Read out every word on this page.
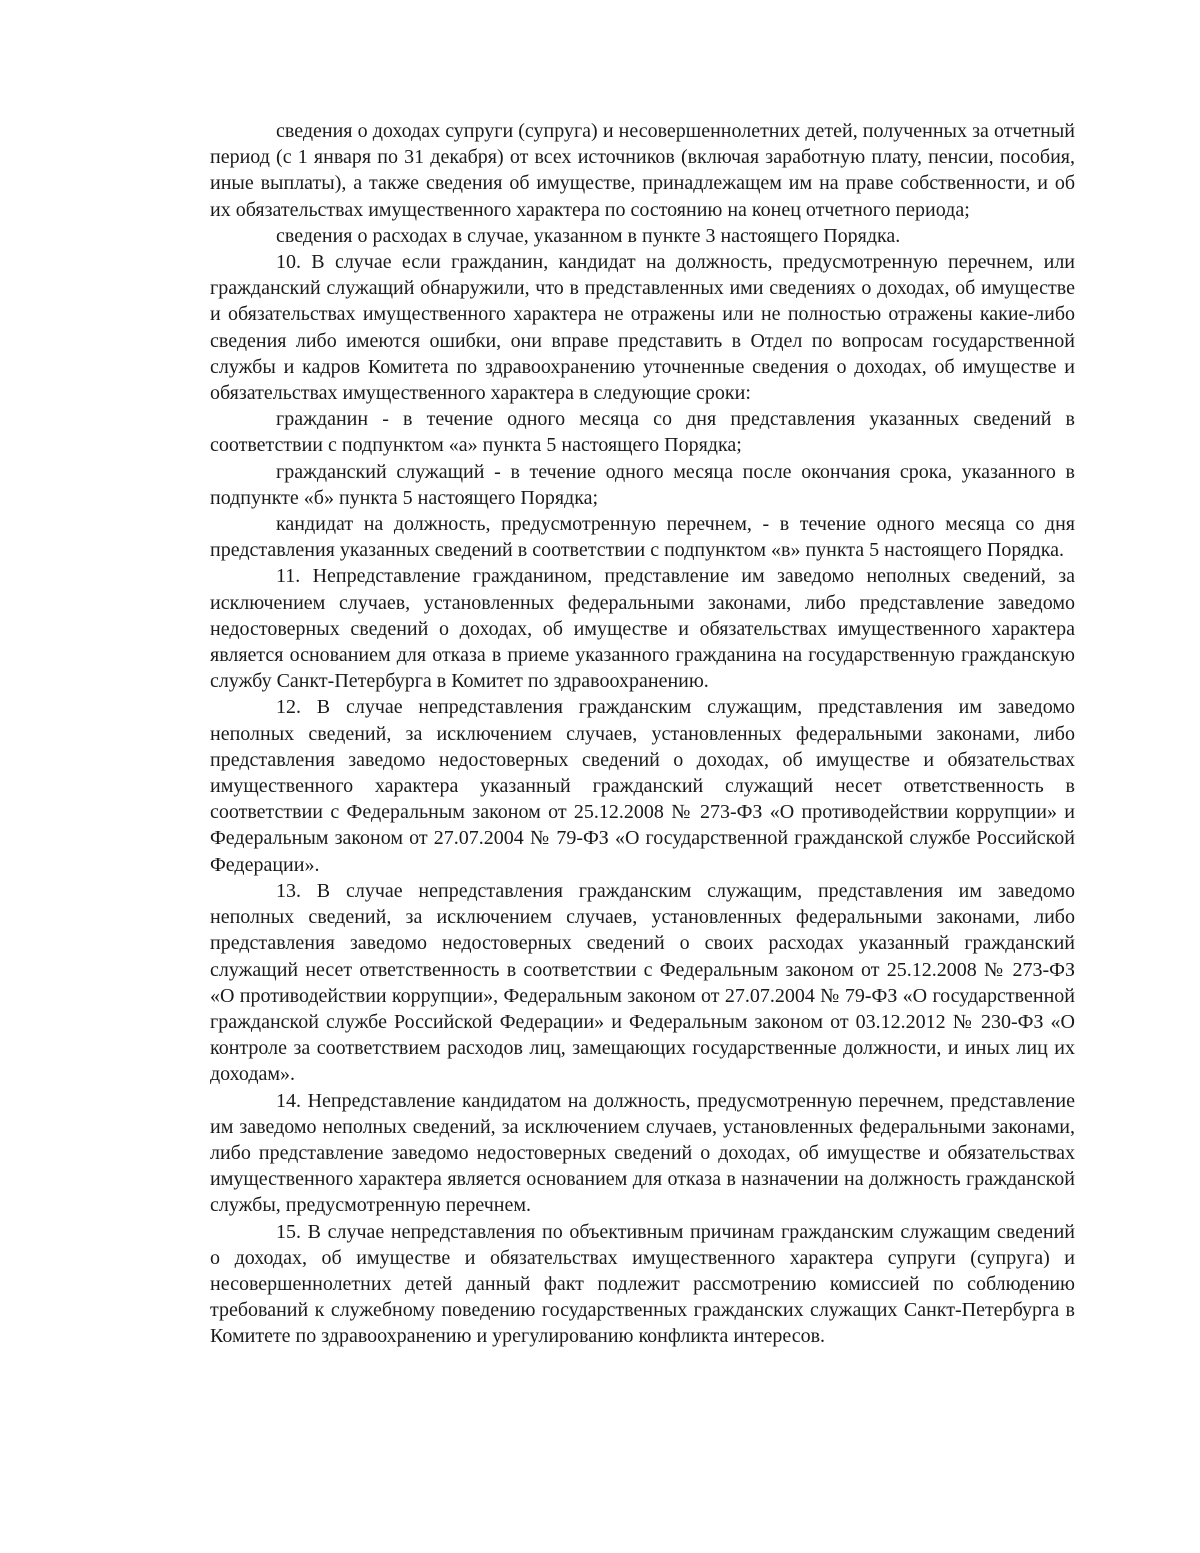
сведения о доходах супруги (супруга) и несовершеннолетних детей, полученных за отчетный период (с 1 января по 31 декабря) от всех источников (включая заработную плату, пенсии, пособия, иные выплаты), а также сведения об имуществе, принадлежащем им на праве собственности, и об их обязательствах имущественного характера по состоянию на конец отчетного периода;

сведения о расходах в случае, указанном в пункте 3 настоящего Порядка.

10. В случае если гражданин, кандидат на должность, предусмотренную перечнем, или гражданский служащий обнаружили, что в представленных ими сведениях о доходах, об имуществе и обязательствах имущественного характера не отражены или не полностью отражены какие-либо сведения либо имеются ошибки, они вправе представить в Отдел по вопросам государственной службы и кадров Комитета по здравоохранению уточненные сведения о доходах, об имуществе и обязательствах имущественного характера в следующие сроки:

гражданин - в течение одного месяца со дня представления указанных сведений в соответствии с подпунктом «а» пункта 5 настоящего Порядка;

гражданский служащий - в течение одного месяца после окончания срока, указанного в подпункте «б» пункта 5 настоящего Порядка;

кандидат на должность, предусмотренную перечнем, - в течение одного месяца со дня представления указанных сведений в соответствии с подпунктом «в» пункта 5 настоящего Порядка.

11. Непредставление гражданином, представление им заведомо неполных сведений, за исключением случаев, установленных федеральными законами, либо представление заведомо недостоверных сведений о доходах, об имуществе и обязательствах имущественного характера является основанием для отказа в приеме указанного гражданина на государственную гражданскую службу Санкт-Петербурга в Комитет по здравоохранению.

12. В случае непредставления гражданским служащим, представления им заведомо неполных сведений, за исключением случаев, установленных федеральными законами, либо представления заведомо недостоверных сведений о доходах, об имуществе и обязательствах имущественного характера указанный гражданский служащий несет ответственность в соответствии с Федеральным законом от 25.12.2008 № 273-ФЗ «О противодействии коррупции» и Федеральным законом от 27.07.2004 № 79-ФЗ «О государственной гражданской службе Российской Федерации».

13. В случае непредставления гражданским служащим, представления им заведомо неполных сведений, за исключением случаев, установленных федеральными законами, либо представления заведомо недостоверных сведений о своих расходах указанный гражданский служащий несет ответственность в соответствии с Федеральным законом от 25.12.2008 № 273-ФЗ «О противодействии коррупции», Федеральным законом от 27.07.2004 № 79-ФЗ «О государственной гражданской службе Российской Федерации» и Федеральным законом от 03.12.2012 № 230-ФЗ «О контроле за соответствием расходов лиц, замещающих государственные должности, и иных лиц их доходам».

14. Непредставление кандидатом на должность, предусмотренную перечнем, представление им заведомо неполных сведений, за исключением случаев, установленных федеральными законами, либо представление заведомо недостоверных сведений о доходах, об имуществе и обязательствах имущественного характера является основанием для отказа в назначении на должность гражданской службы, предусмотренную перечнем.

15. В случае непредставления по объективным причинам гражданским служащим сведений о доходах, об имуществе и обязательствах имущественного характера супруги (супруга) и несовершеннолетних детей данный факт подлежит рассмотрению комиссией по соблюдению требований к служебному поведению государственных гражданских служащих Санкт-Петербурга в Комитете по здравоохранению и урегулированию конфликта интересов.
